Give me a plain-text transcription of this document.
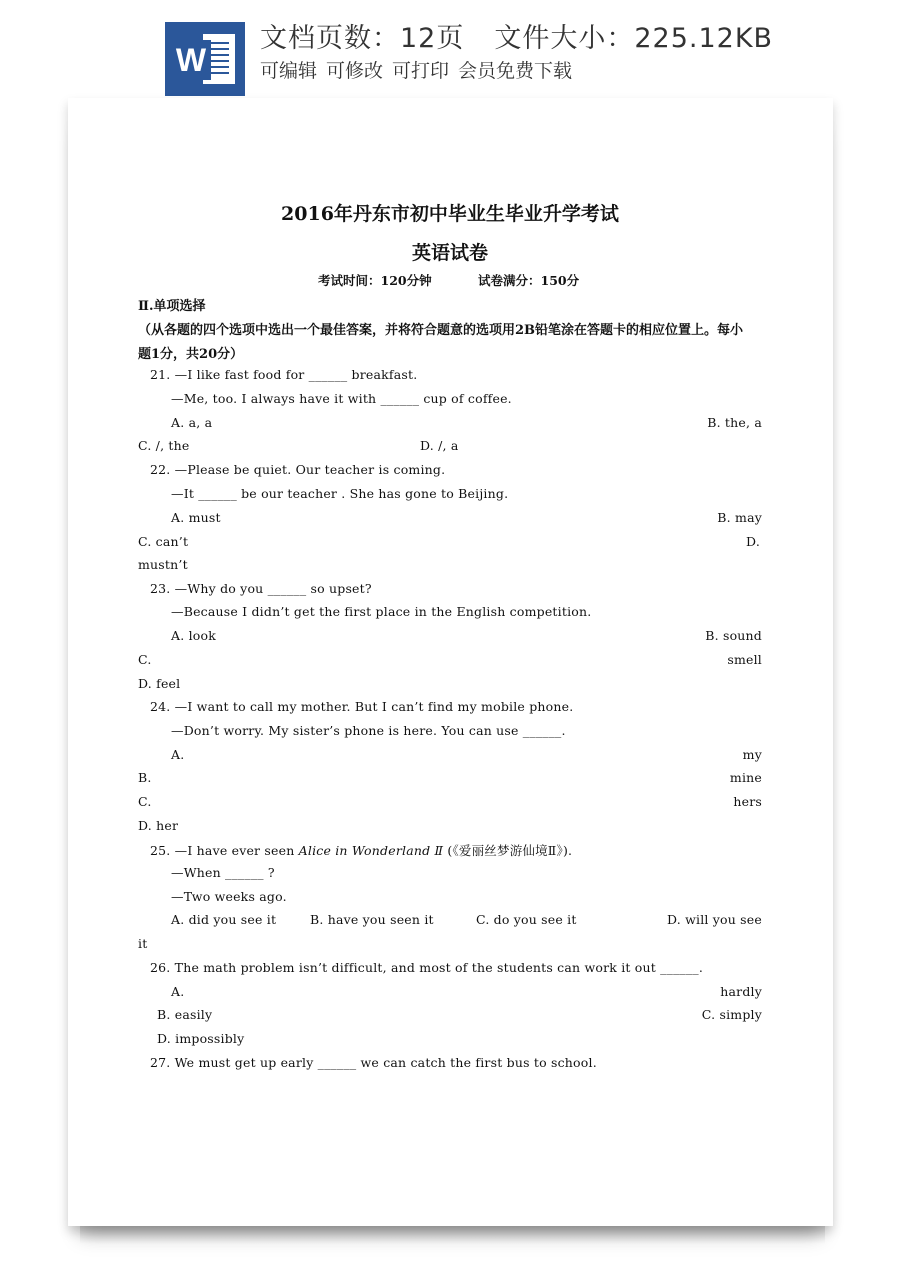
W
文档页数：12页 文件大小：225.12KB
可编辑 可修改 可打印 会员免费下载
2016年丹东市初中毕业生毕业升学考试
英语试卷
考试时间：120分钟	试卷满分：150分
Ⅱ.单项选择
（从各题的四个选项中选出一个最佳答案，并将符合题意的选项用2B铅笔涂在答题卡的相应位置上。每小
题1分，共20分）
21. —I like fast food for ______ breakfast.
—Me, too. I always have it with ______ cup of coffee.
A. a, a	B. the, a
C. /, the	D. /, a
22. —Please be quiet. Our teacher is coming.
—It ______ be our teacher . She has gone to Beijing.
A. must	B. may
C. can’t	D.
mustn’t
23. —Why do you ______ so upset?
—Because I didn’t get the first place in the English competition.
A. look	B. sound
C.	smell
D. feel
24. —I want to call my mother. But I can’t find my mobile phone.
—Don’t worry. My sister’s phone is here. You can use ______.
A.	my
B.	mine
C.	hers
D. her
25. —I have ever seen Alice in Wonderland Ⅱ (《爱丽丝梦游仙境Ⅱ》).
—When ______ ?
—Two weeks ago.
A. did you see it	B. have you seen it	C. do you see it	D. will you see
it
26. The math problem isn’t difficult, and most of the students can work it out ______.
A.	hardly
B. easily	C. simply
D. impossibly
27. We must get up early ______ we can catch the first bus to school.
